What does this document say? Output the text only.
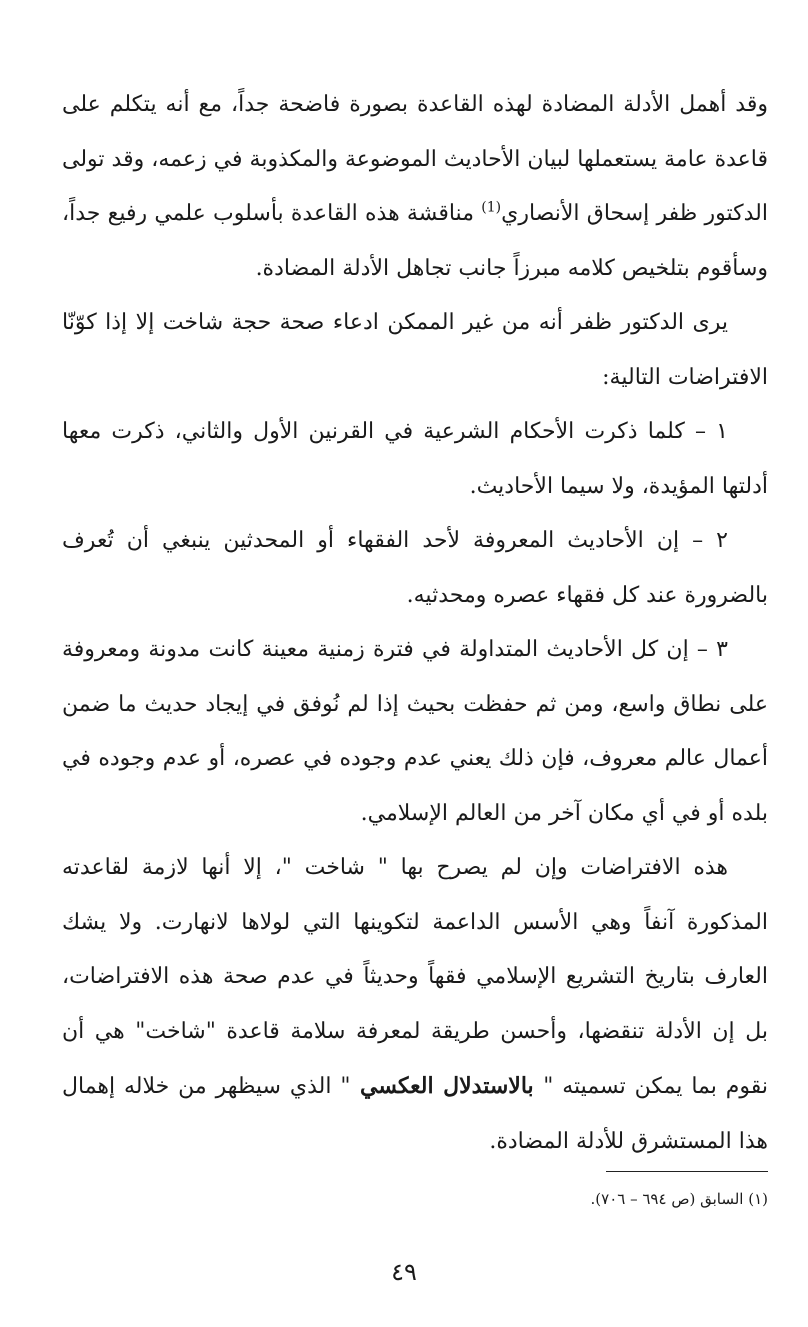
وقد أهمل الأدلة المضادة لهذه القاعدة بصورة فاضحة جداً، مع أنه يتكلم على قاعدة عامة يستعملها لبيان الأحاديث الموضوعة والمكذوبة في زعمه، وقد تولى الدكتور ظفر إسحاق الأنصاري$^{(1)}$ مناقشة هذه القاعدة بأسلوب علمي رفيع جداً، وسأقوم بتلخيص كلامه مبرزاً جانب تجاهل الأدلة المضادة.

يرى الدكتور ظفر أنه من غير الممكن ادعاء صحة حجة شاخت إلا إذا كوّنّا الافتراضات التالية:

١ – كلما ذكرت الأحكام الشرعية في القرنين الأول والثاني، ذكرت معها أدلتها المؤيدة، ولا سيما الأحاديث.

٢ – إن الأحاديث المعروفة لأحد الفقهاء أو المحدثين ينبغي أن تُعرف بالضرورة عند كل فقهاء عصره ومحدثيه.

٣ – إن كل الأحاديث المتداولة في فترة زمنية معينة كانت مدونة ومعروفة على نطاق واسع، ومن ثم حفظت بحيث إذا لم نُوفق في إيجاد حديث ما ضمن أعمال عالم معروف، فإن ذلك يعني عدم وجوده في عصره، أو عدم وجوده في بلده أو في أي مكان آخر من العالم الإسلامي.

هذه الافتراضات وإن لم يصرح بها " شاخت "، إلا أنها لازمة لقاعدته المذكورة آنفاً وهي الأسس الداعمة لتكوينها التي لولاها لانهارت. ولا يشك العارف بتاريخ التشريع الإسلامي فقهاً وحديثاً في عدم صحة هذه الافتراضات، بل إن الأدلة تنقضها، وأحسن طريقة لمعرفة سلامة قاعدة "شاخت" هي أن نقوم بما يمكن تسميته " بالاستدلال العكسي " الذي سيظهر من خلاله إهمال هذا المستشرق للأدلة المضادة.

(١) السابق (ص ٦٩٤ – ٧٠٦).
٤٩
